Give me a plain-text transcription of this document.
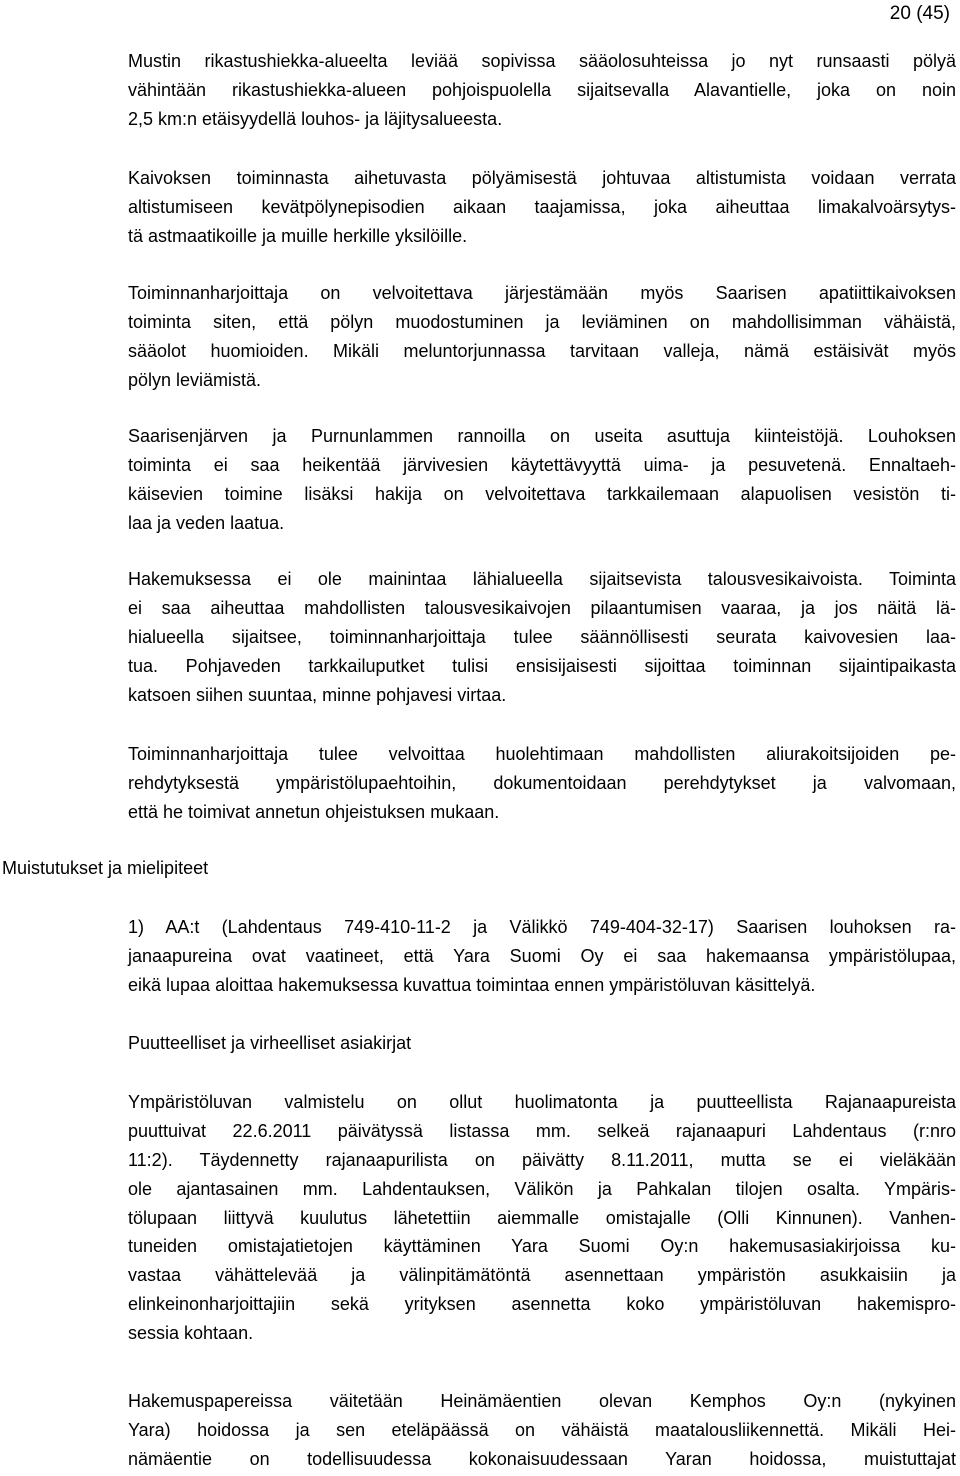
20 (45)
Muistutukset ja mielipiteet
Mustin rikastushiekka-alueelta leviää sopivissa sääolosuhteissa jo nyt runsaasti pölyä
vähintään rikastushiekka-alueen pohjoispuolella sijaitsevalla Alavantielle, joka on noin
2,5 km:n etäisyydellä louhos- ja läjitysalueesta.
Kaivoksen toiminnasta aihetuvasta pölyämisestä johtuvaa altistumista voidaan verrata
altistumiseen kevätpölynepisodien aikaan taajamissa, joka aiheuttaa limakalvoärsytys-
tä astmaatikoille ja muille herkille yksilöille.
Toiminnanharjoittaja on velvoitettava järjestämään myös Saarisen apatiittikaivoksen
toiminta siten, että pölyn muodostuminen ja leviäminen on mahdollisimman vähäistä,
sääolot huomioiden. Mikäli meluntorjunnassa tarvitaan valleja, nämä estäisivät myös
pölyn leviämistä.
Saarisenjärven ja Purnunlammen rannoilla on useita asuttuja kiinteistöjä. Louhoksen
toiminta ei saa heikentää järvivesien käytettävyyttä uima- ja pesuvetenä. Ennaltaeh-
käisevien toimine lisäksi hakija on velvoitettava tarkkailemaan alapuolisen vesistön ti-
laa ja veden laatua.
Hakemuksessa ei ole mainintaa lähialueella sijaitsevista talousvesikaivoista. Toiminta
ei saa aiheuttaa mahdollisten talousvesikaivojen pilaantumisen vaaraa, ja jos näitä lä-
hialueella sijaitsee, toiminnanharjoittaja tulee säännöllisesti seurata kaivovesien laa-
tua. Pohjaveden tarkkailuputket tulisi ensisijaisesti sijoittaa toiminnan sijaintipaikasta
katsoen siihen suuntaa, minne pohjavesi virtaa.
Toiminnanharjoittaja tulee velvoittaa huolehtimaan mahdollisten aliurakoitsijoiden pe-
rehdytyksestä ympäristölupaehtoihin, dokumentoidaan perehdytykset ja valvomaan,
että he toimivat annetun ohjeistuksen mukaan.
1) AA:t (Lahdentaus 749-410-11-2 ja Välikkö 749-404-32-17) Saarisen louhoksen ra-
janaapureina ovat vaatineet, että Yara Suomi Oy ei saa hakemaansa ympäristölupaa,
eikä lupaa aloittaa hakemuksessa kuvattua toimintaa ennen ympäristöluvan käsittelyä.
Puutteelliset ja virheelliset asiakirjat
Ympäristöluvan valmistelu on ollut huolimatonta ja puutteellista Rajanaapureista
puuttuivat 22.6.2011 päivätyssä listassa mm. selkeä rajanaapuri Lahdentaus (r:nro
11:2). Täydennetty rajanaapurilista on päivätty 8.11.2011, mutta se ei vieläkään
ole ajantasainen mm. Lahdentauksen, Välikön ja Pahkalan tilojen osalta. Ympäris-
tölupaan liittyvä kuulutus lähetettiin aiemmalle omistajalle (Olli Kinnunen). Vanhen-
tuneiden omistajatietojen käyttäminen Yara Suomi Oy:n hakemusasiakirjoissa ku-
vastaa vähättelevää ja välinpitämätöntä asennettaan ympäristön asukkaisiin ja
elinkeinonharjoittajiin sekä yrityksen asennetta koko ympäristöluvan hakemispro-
sessia kohtaan.
Hakemuspapereissa väitetään Heinämäentien olevan Kemphos Oy:n (nykyinen
Yara) hoidossa ja sen eteläpäässä on vähäistä maatalousliikennettä. Mikäli Hei-
nämäentie on todellisuudessa kokonaisuudessaan Yaran hoidossa, muistuttajat
